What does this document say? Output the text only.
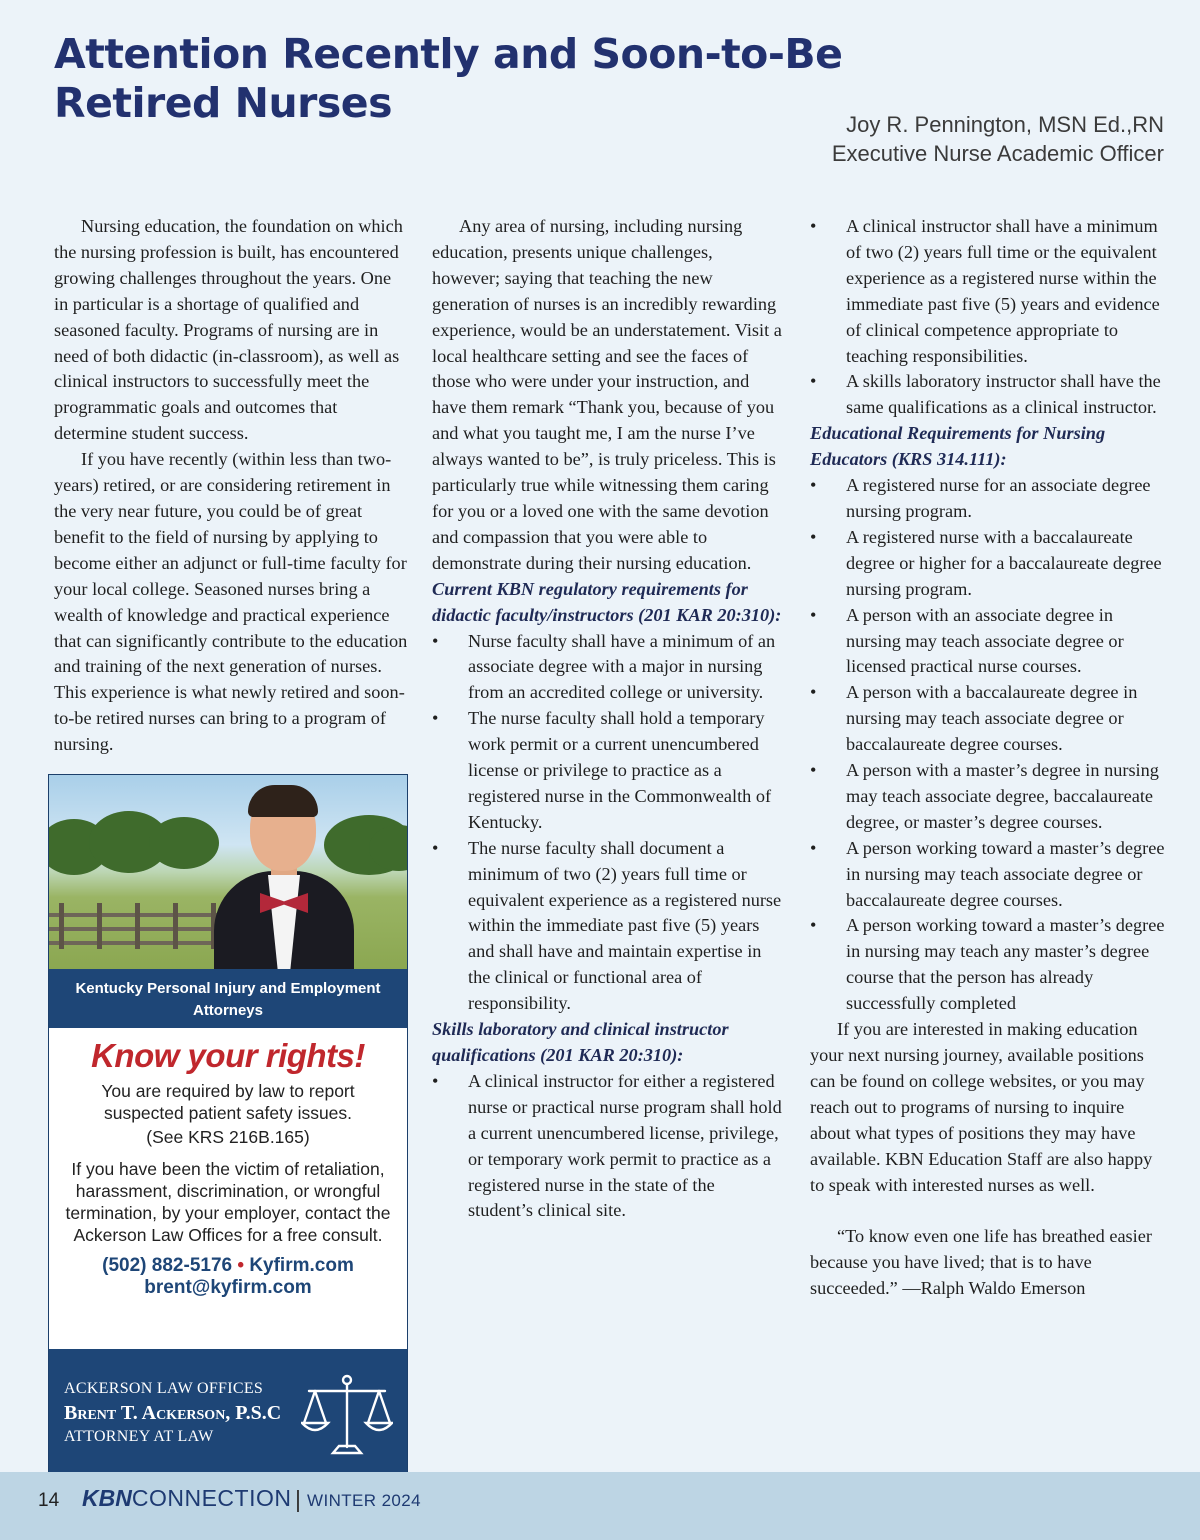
Attention Recently and Soon-to-Be
Retired Nurses	Joy R. Pennington, MSN Ed.,RN
Executive Nurse Academic Officer

Nursing education, the foundation on which the nursing profession is built, has encountered growing challenges throughout the years. One in particular is a shortage of qualified and seasoned faculty. Programs of nursing are in need of both didactic (in-classroom), as well as clinical instructors to successfully meet the programmatic goals and outcomes that determine student success.

If you have recently (within less than two-years) retired, or are considering retirement in the very near future, you could be of great benefit to the field of nursing by applying to become either an adjunct or full-time faculty for your local college. Seasoned nurses bring a wealth of knowledge and practical experience that can significantly contribute to the education and training of the next generation of nurses. This experience is what newly retired and soon-to-be retired nurses can bring to a program of nursing.

Any area of nursing, including nursing education, presents unique challenges, however; saying that teaching the new generation of nurses is an incredibly rewarding experience, would be an understatement. Visit a local healthcare setting and see the faces of those who were under your instruction, and have them remark “Thank you, because of you and what you taught me, I am the nurse I’ve always wanted to be”, is truly priceless. This is particularly true while witnessing them caring for you or a loved one with the same devotion and compassion that you were able to demonstrate during their nursing education.

Current KBN regulatory requirements for didactic faculty/instructors (201 KAR 20:310):
• Nurse faculty shall have a minimum of an associate degree with a major in nursing from an accredited college or university.
• The nurse faculty shall hold a temporary work permit or a current unencumbered license or privilege to practice as a registered nurse in the Commonwealth of Kentucky.
• The nurse faculty shall document a minimum of two (2) years full time or equivalent experience as a registered nurse within the immediate past five (5) years and shall have and maintain expertise in the clinical or functional area of responsibility.
Skills laboratory and clinical instructor qualifications (201 KAR 20:310):
• A clinical instructor for either a registered nurse or practical nurse program shall hold a current unencumbered license, privilege, or temporary work permit to practice as a registered nurse in the state of the student’s clinical site.
• A clinical instructor shall have a minimum of two (2) years full time or the equivalent experience as a registered nurse within the immediate past five (5) years and evidence of clinical competence appropriate to teaching responsibilities.
• A skills laboratory instructor shall have the same qualifications as a clinical instructor.
Educational Requirements for Nursing Educators (KRS 314.111):
• A registered nurse for an associate degree nursing program.
• A registered nurse with a baccalaureate degree or higher for a baccalaureate degree nursing program.
• A person with an associate degree in nursing may teach associate degree or licensed practical nurse courses.
• A person with a baccalaureate degree in nursing may teach associate degree or baccalaureate degree courses.
• A person with a master’s degree in nursing may teach associate degree, baccalaureate degree, or master’s degree courses.
• A person working toward a master’s degree in nursing may teach associate degree or baccalaureate degree courses.
• A person working toward a master’s degree in nursing may teach any master’s degree course that the person has already successfully completed

If you are interested in making education your next nursing journey, available positions can be found on college websites, or you may reach out to programs of nursing to inquire about what types of positions they may have available. KBN Education Staff are also happy to speak with interested nurses as well.

“To know even one life has breathed easier because you have lived; that is to have succeeded.” —Ralph Waldo Emerson

Kentucky Personal Injury and Employment Attorneys
AGGRESSIVE | EXPERIENCED | RESULTS DRIVEN
Know your rights!
You are required by law to report suspected patient safety issues.
(See KRS 216B.165)
If you have been the victim of retaliation, harassment, discrimination, or wrongful termination, by your employer, contact the Ackerson Law Offices for a free consult.
(502) 882-5176 • Kyfirm.com
brent@kyfirm.com
ACKERSON LAW OFFICES
Brent T. Ackerson, P.S.C
ATTORNEY AT LAW
14 KBNCONNECTION | WINTER 2024
